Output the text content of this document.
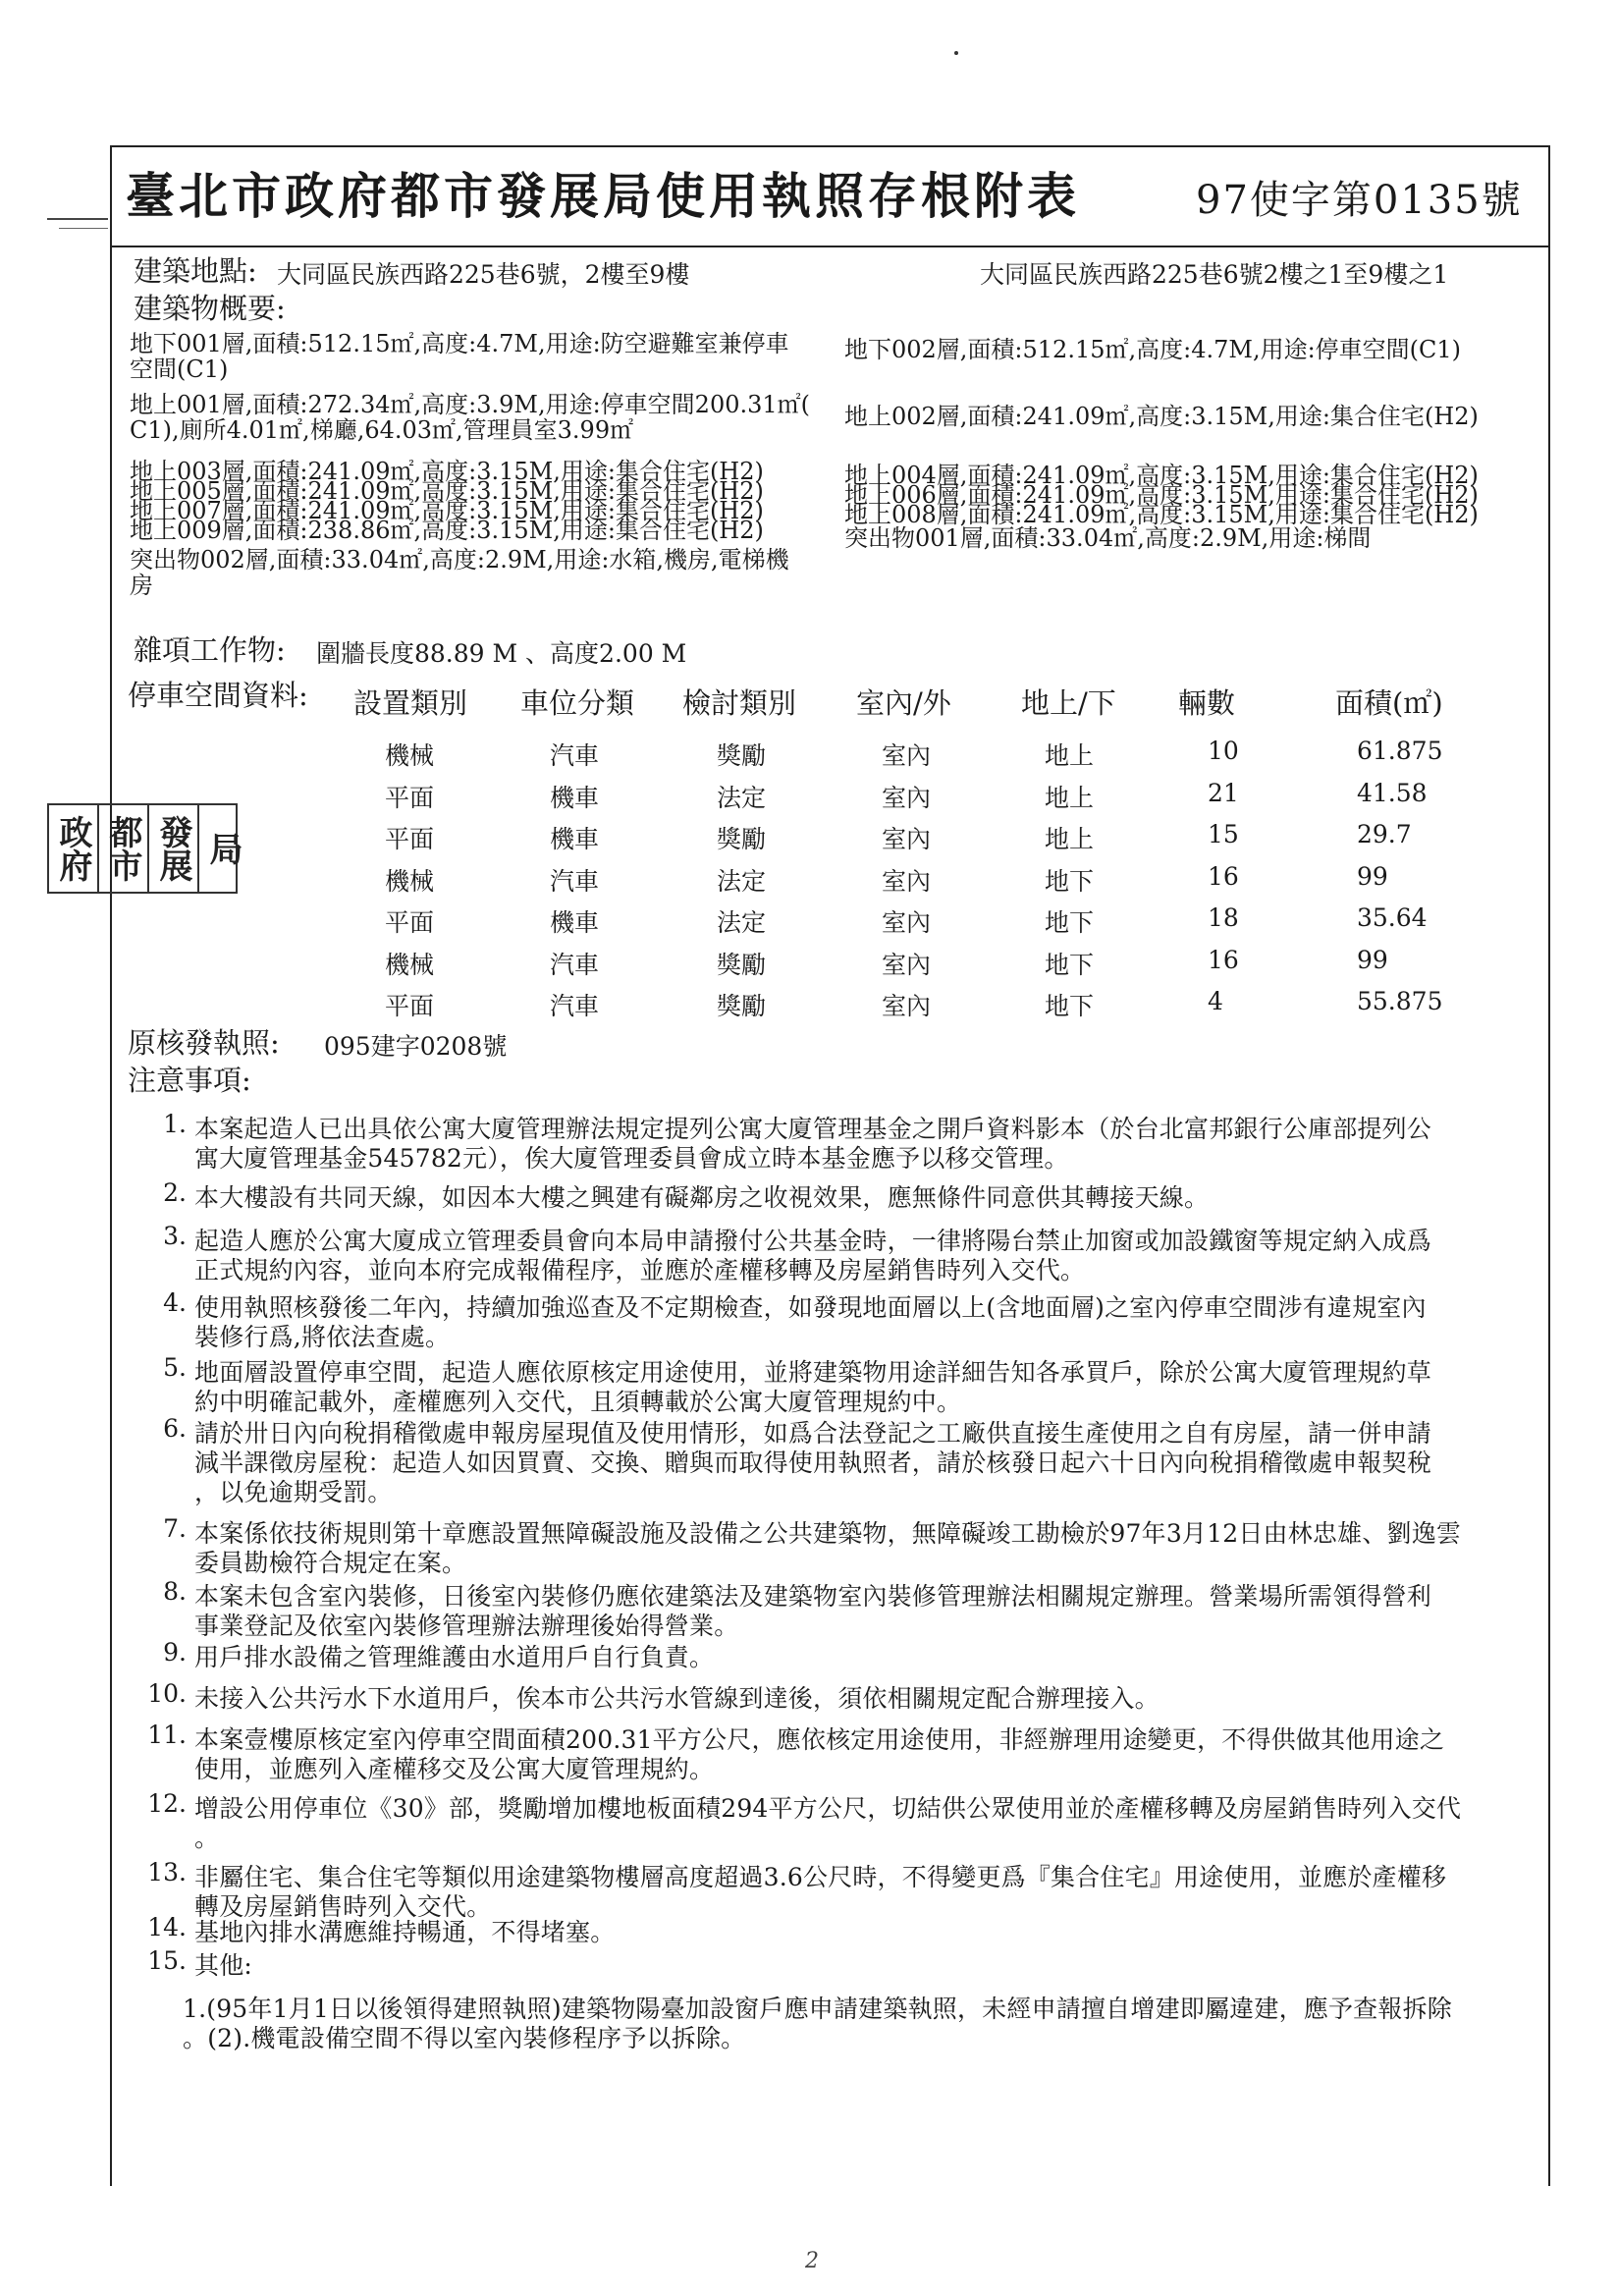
臺北市政府都市發展局使用執照存根附表	97使字第0135號
建築地點: 大同區民族西路225巷6號，2樓至9樓	大同區民族西路225巷6號2樓之1至9樓之1
建築物概要:
地下001層,面積:512.15㎡,高度:4.7M,用途:防空避難室兼停車
空間(C1)
地上001層,面積:272.34㎡,高度:3.9M,用途:停車空間200.31㎡(
C1),廁所4.01㎡,梯廳,64.03㎡,管理員室3.99㎡
地上003層,面積:241.09㎡,高度:3.15M,用途:集合住宅(H2)
地上005層,面積:241.09㎡,高度:3.15M,用途:集合住宅(H2)
地上007層,面積:241.09㎡,高度:3.15M,用途:集合住宅(H2)
地上009層,面積:238.86㎡,高度:3.15M,用途:集合住宅(H2)
突出物002層,面積:33.04㎡,高度:2.9M,用途:水箱,機房,電梯機
房
地下002層,面積:512.15㎡,高度:4.7M,用途:停車空間(C1)
地上002層,面積:241.09㎡,高度:3.15M,用途:集合住宅(H2)
地上004層,面積:241.09㎡,高度:3.15M,用途:集合住宅(H2)
地上006層,面積:241.09㎡,高度:3.15M,用途:集合住宅(H2)
地上008層,面積:241.09㎡,高度:3.15M,用途:集合住宅(H2)
突出物001層,面積:33.04㎡,高度:2.9M,用途:梯間
雜項工作物: 圍牆長度88.89 M 、高度2.00 M
停車空間資料: 設置類別 車位分類 檢討類別 室內/外 地上/下 輛數	面積(㎡)
機械	汽車	獎勵	室內	地上	10	61.875
平面	機車	法定	室內	地上	21	41.58
平面	機車	獎勵	室內	地上	15	29.7
機械	汽車	法定	室內	地下	16	99
平面	機車	法定	室內	地下	18	35.64
機械	汽車	獎勵	室內	地下	16	99
平面	汽車	獎勵	室內	地下	4	55.875
政府 都市 發展 局
原核發執照: 095建字0208號
注意事項:
1. 本案起造人已出具依公寓大廈管理辦法規定提列公寓大廈管理基金之開戶資料影本（於台北富邦銀行公庫部提列公
寓大廈管理基金545782元），俟大廈管理委員會成立時本基金應予以移交管理。
2. 本大樓設有共同天線，如因本大樓之興建有礙鄰房之收視效果，應無條件同意供其轉接天線。
3. 起造人應於公寓大廈成立管理委員會向本局申請撥付公共基金時，一律將陽台禁止加窗或加設鐵窗等規定納入成爲
正式規約內容，並向本府完成報備程序，並應於產權移轉及房屋銷售時列入交代。
4. 使用執照核發後二年內，持續加強巡查及不定期檢查，如發現地面層以上(含地面層)之室內停車空間涉有違規室內
裝修行爲,將依法查處。
5. 地面層設置停車空間，起造人應依原核定用途使用，並將建築物用途詳細告知各承買戶，除於公寓大廈管理規約草
約中明確記載外，產權應列入交代，且須轉載於公寓大廈管理規約中。
6. 請於卅日內向稅捐稽徵處申報房屋現值及使用情形，如爲合法登記之工廠供直接生產使用之自有房屋，請一併申請
減半課徵房屋稅：起造人如因買賣、交換、贈與而取得使用執照者，請於核發日起六十日內向稅捐稽徵處申報契稅
，以免逾期受罰。
7. 本案係依技術規則第十章應設置無障礙設施及設備之公共建築物，無障礙竣工勘檢於97年3月12日由林忠雄、劉逸雲
委員勘檢符合規定在案。
8. 本案未包含室內裝修，日後室內裝修仍應依建築法及建築物室內裝修管理辦法相關規定辦理。營業場所需領得營利
事業登記及依室內裝修管理辦法辦理後始得營業。
9. 用戶排水設備之管理維護由水道用戶自行負責。
10. 未接入公共污水下水道用戶，俟本市公共污水管線到達後，須依相關規定配合辦理接入。
11. 本案壹樓原核定室內停車空間面積200.31平方公尺，應依核定用途使用，非經辦理用途變更，不得供做其他用途之
使用，並應列入產權移交及公寓大廈管理規約。
12. 增設公用停車位《30》部，獎勵增加樓地板面積294平方公尺，切結供公眾使用並於產權移轉及房屋銷售時列入交代
。
13. 非屬住宅、集合住宅等類似用途建築物樓層高度超過3.6公尺時，不得變更爲『集合住宅』用途使用，並應於產權移
轉及房屋銷售時列入交代。
14. 基地內排水溝應維持暢通，不得堵塞。
15. 其他:
1.(95年1月1日以後領得建照執照)建築物陽臺加設窗戶應申請建築執照，未經申請擅自增建即屬違建，應予查報拆除
。(2).機電設備空間不得以室內裝修程序予以拆除。
2
